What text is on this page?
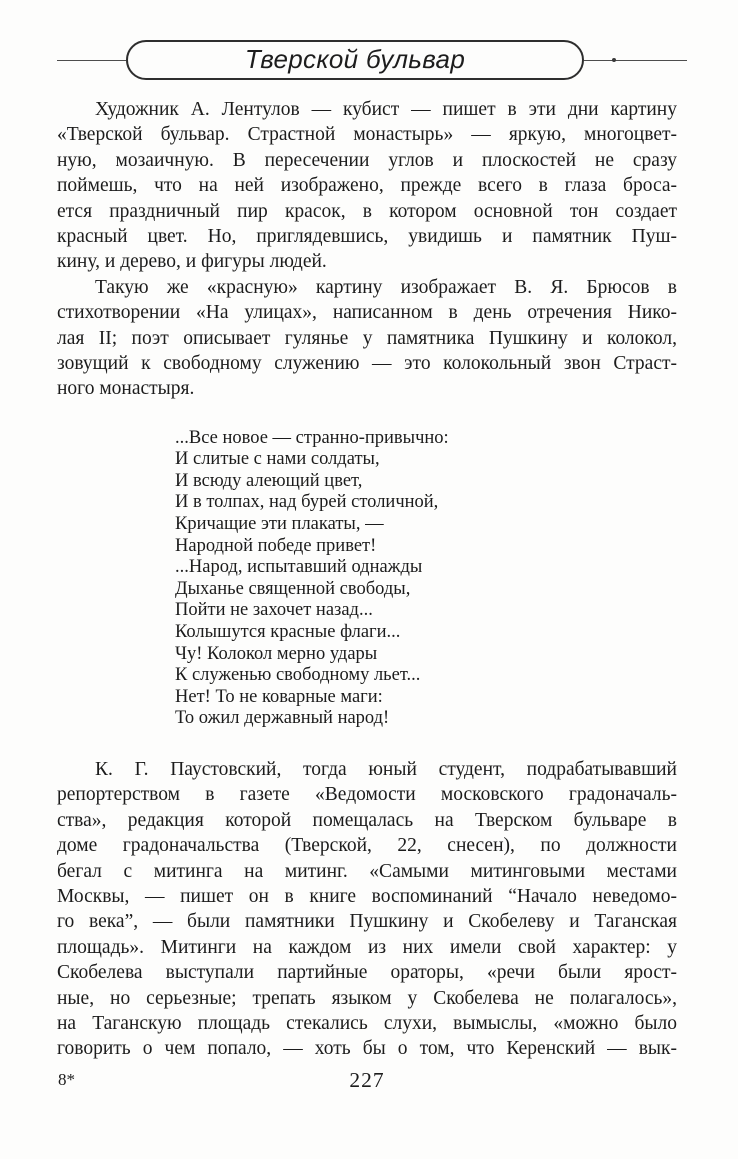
Тверской бульвар
Художник А. Лентулов — кубист — пишет в эти дни картину
«Тверской бульвар. Страстной монастырь» — яркую, многоцвет-
ную, мозаичную. В пересечении углов и плоскостей не сразу
поймешь, что на ней изображено, прежде всего в глаза броса-
ется праздничный пир красок, в котором основной тон создает
красный цвет. Но, приглядевшись, увидишь и памятник Пуш-
кину, и дерево, и фигуры людей.
Такую же «красную» картину изображает В. Я. Брюсов в
стихотворении «На улицах», написанном в день отречения Нико-
лая II; поэт описывает гулянье у памятника Пушкину и колокол,
зовущий к свободному служению — это колокольный звон Страст-
ного монастыря.
...Все новое — странно-привычно:
И слитые с нами солдаты,
И всюду алеющий цвет,
И в толпах, над бурей столичной,
Кричащие эти плакаты, —
Народной победе привет!
...Народ, испытавший однажды
Дыханье священной свободы,
Пойти не захочет назад...
Колышутся красные флаги...
Чу! Колокол мерно удары
К служенью свободному льет...
Нет! То не коварные маги:
То ожил державный народ!
К. Г. Паустовский, тогда юный студент, подрабатывавший
репортерством в газете «Ведомости московского градоначаль-
ства», редакция которой помещалась на Тверском бульваре в
доме градоначальства (Тверской, 22, снесен), по должности
бегал с митинга на митинг. «Самыми митинговыми местами
Москвы, — пишет он в книге воспоминаний “Начало неведомо-
го века”, — были памятники Пушкину и Скобелеву и Таганская
площадь». Митинги на каждом из них имели свой характер: у
Скобелева выступали партийные ораторы, «речи были ярост-
ные, но серьезные; трепать языком у Скобелева не полагалось»,
на Таганскую площадь стекались слухи, вымыслы, «можно было
говорить о чем попало, — хоть бы о том, что Керенский — вык-
8*	227
